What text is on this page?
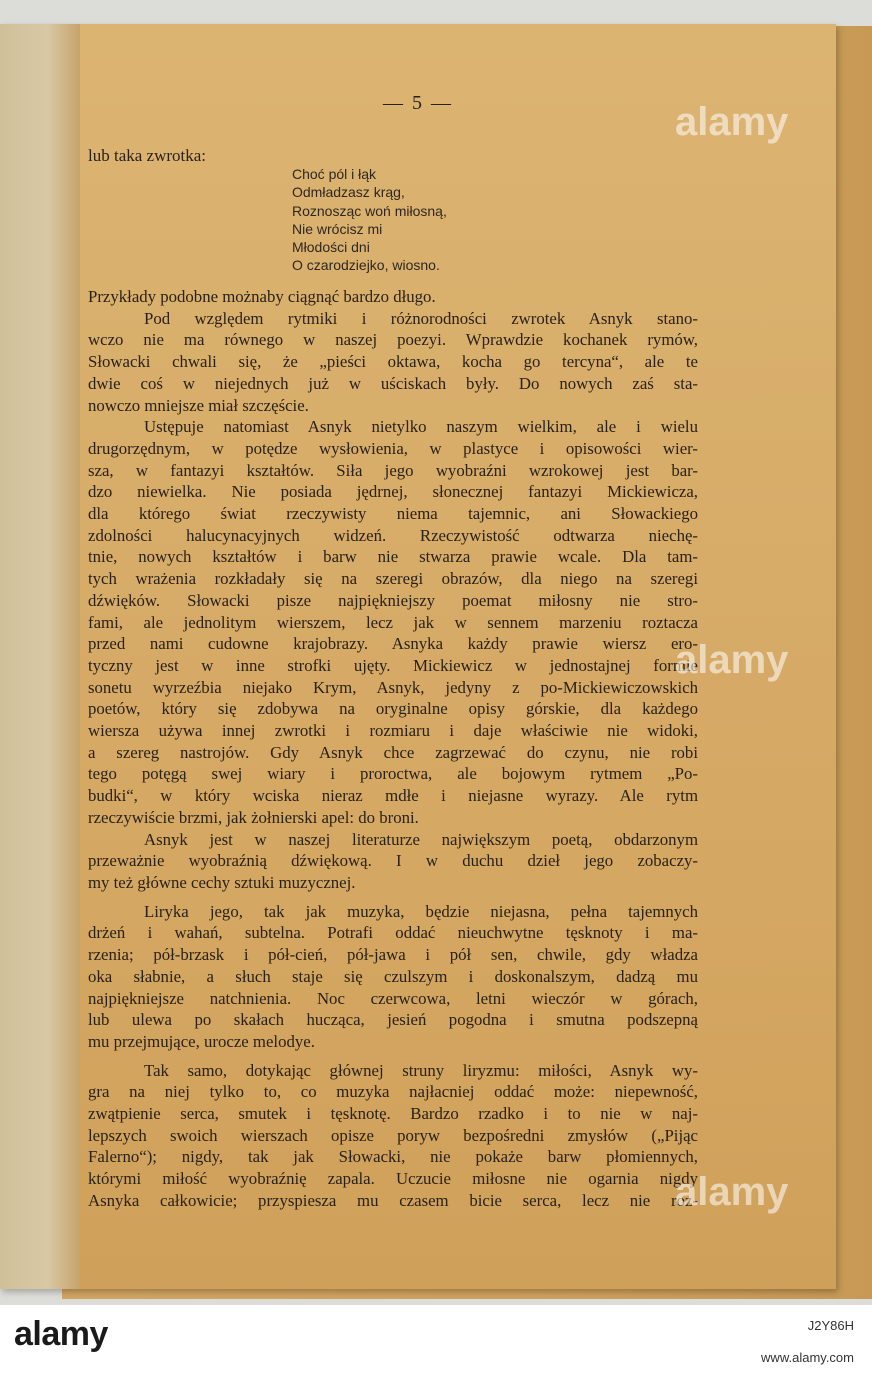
— 5 —
lub taka zwrotka:
Choć pól i łąk
Odmładzasz krąg,
Roznosząc woń miłosną,
Nie wrócisz mi
Młodości dni
O czarodziejko, wiosno.

Przykłady podobne możnaby ciągnąć bardzo długo.

Pod względem rytmiki i różnorodności zwrotek Asnyk stano-

wczo nie ma równego w naszej poezyi. Wprawdzie kochanek rymów,

Słowacki chwali się, że „pieści oktawa, kocha go tercyna“, ale te

dwie coś w niejednych już w uściskach były. Do nowych zaś sta-

nowczo mniejsze miał szczęście.

Ustępuje natomiast Asnyk nietylko naszym wielkim, ale i wielu

drugorzędnym, w potędze wysłowienia, w plastyce i opisowości wier-

sza, w fantazyi kształtów. Siła jego wyobraźni wzrokowej jest bar-

dzo niewielka. Nie posiada jędrnej, słonecznej fantazyi Mickiewicza,

dla którego świat rzeczywisty niema tajemnic, ani Słowackiego

zdolności halucynacyjnych widzeń. Rzeczywistość odtwarza niechę-

tnie, nowych kształtów i barw nie stwarza prawie wcale. Dla tam-

tych wrażenia rozkładały się na szeregi obrazów, dla niego na szeregi

dźwięków. Słowacki pisze najpiękniejszy poemat miłosny nie stro-

fami, ale jednolitym wierszem, lecz jak w sennem marzeniu roztacza

przed nami cudowne krajobrazy. Asnyka każdy prawie wiersz ero-

tyczny jest w inne strofki ujęty. Mickiewicz w jednostajnej formie

sonetu wyrzeźbia niejako Krym, Asnyk, jedyny z po-Mickiewiczowskich

poetów, który się zdobywa na oryginalne opisy górskie, dla każdego

wiersza używa innej zwrotki i rozmiaru i daje właściwie nie widoki,

a szereg nastrojów. Gdy Asnyk chce zagrzewać do czynu, nie robi

tego potęgą swej wiary i proroctwa, ale bojowym rytmem „Po-

budki“, w który wciska nieraz mdłe i niejasne wyrazy. Ale rytm

rzeczywiście brzmi, jak żołnierski apel: do broni.

Asnyk jest w naszej literaturze największym poetą, obdarzonym

przeważnie wyobraźnią dźwiękową. I w duchu dzieł jego zobaczy-

my też główne cechy sztuki muzycznej.

Liryka jego, tak jak muzyka, będzie niejasna, pełna tajemnych

drżeń i wahań, subtelna. Potrafi oddać nieuchwytne tęsknoty i ma-

rzenia; pół-brzask i pół-cień, pół-jawa i pół sen, chwile, gdy władza

oka słabnie, a słuch staje się czulszym i doskonalszym, dadzą mu

najpiękniejsze natchnienia. Noc czerwcowa, letni wieczór w górach,

lub ulewa po skałach hucząca, jesień pogodna i smutna podszepną

mu przejmujące, urocze melodye.

Tak samo, dotykając głównej struny liryzmu: miłości, Asnyk wy-

gra na niej tylko to, co muzyka najłacniej oddać może: niepewność,

zwątpienie serca, smutek i tęsknotę. Bardzo rzadko i to nie w naj-

lepszych swoich wierszach opisze poryw bezpośredni zmysłów („Pijąc

Falerno“); nigdy, tak jak Słowacki, nie pokaże barw płomiennych,

którymi miłość wyobraźnię zapala. Uczucie miłosne nie ogarnia nigdy

Asnyka całkowicie; przyspiesza mu czasem bicie serca, lecz nie roz-

alamy
alamy
alamy
alamy	J2Y86H
www.alamy.com
